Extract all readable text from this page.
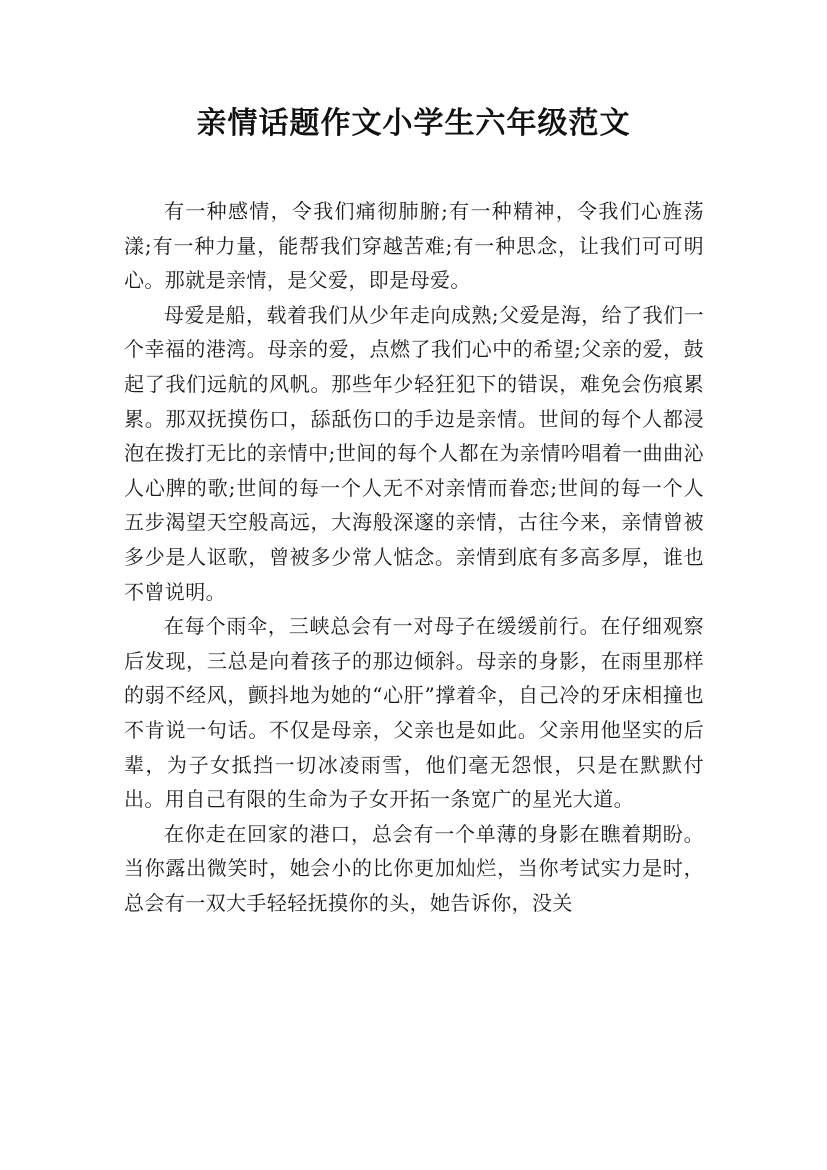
亲情话题作文小学生六年级范文

有一种感情，令我们痛彻肺腑;有一种精神，令我们心旌荡漾;有一种力量，能帮我们穿越苦难;有一种思念，让我们可可明心。那就是亲情，是父爱，即是母爱。

母爱是船，载着我们从少年走向成熟;父爱是海，给了我们一个幸福的港湾。母亲的爱，点燃了我们心中的希望;父亲的爱，鼓起了我们远航的风帆。那些年少轻狂犯下的错误，难免会伤痕累累。那双抚摸伤口，舔舐伤口的手边是亲情。世间的每个人都浸泡在拨打无比的亲情中;世间的每个人都在为亲情吟唱着一曲曲沁人心脾的歌;世间的每一个人无不对亲情而眷恋;世间的每一个人五步渴望天空般高远，大海般深邃的亲情，古往今来，亲情曾被多少是人讴歌，曾被多少常人惦念。亲情到底有多高多厚，谁也不曾说明。

在每个雨伞，三峡总会有一对母子在缓缓前行。在仔细观察后发现，三总是向着孩子的那边倾斜。母亲的身影，在雨里那样的弱不经风，颤抖地为她的“心肝”撑着伞，自己冷的牙床相撞也不肯说一句话。不仅是母亲，父亲也是如此。父亲用他坚实的后辈，为子女抵挡一切冰凌雨雪，他们毫无怨恨，只是在默默付出。用自己有限的生命为子女开拓一条宽广的星光大道。

在你走在回家的港口，总会有一个单薄的身影在瞧着期盼。当你露出微笑时，她会小的比你更加灿烂，当你考试实力是时，总会有一双大手轻轻抚摸你的头，她告诉你，没关
